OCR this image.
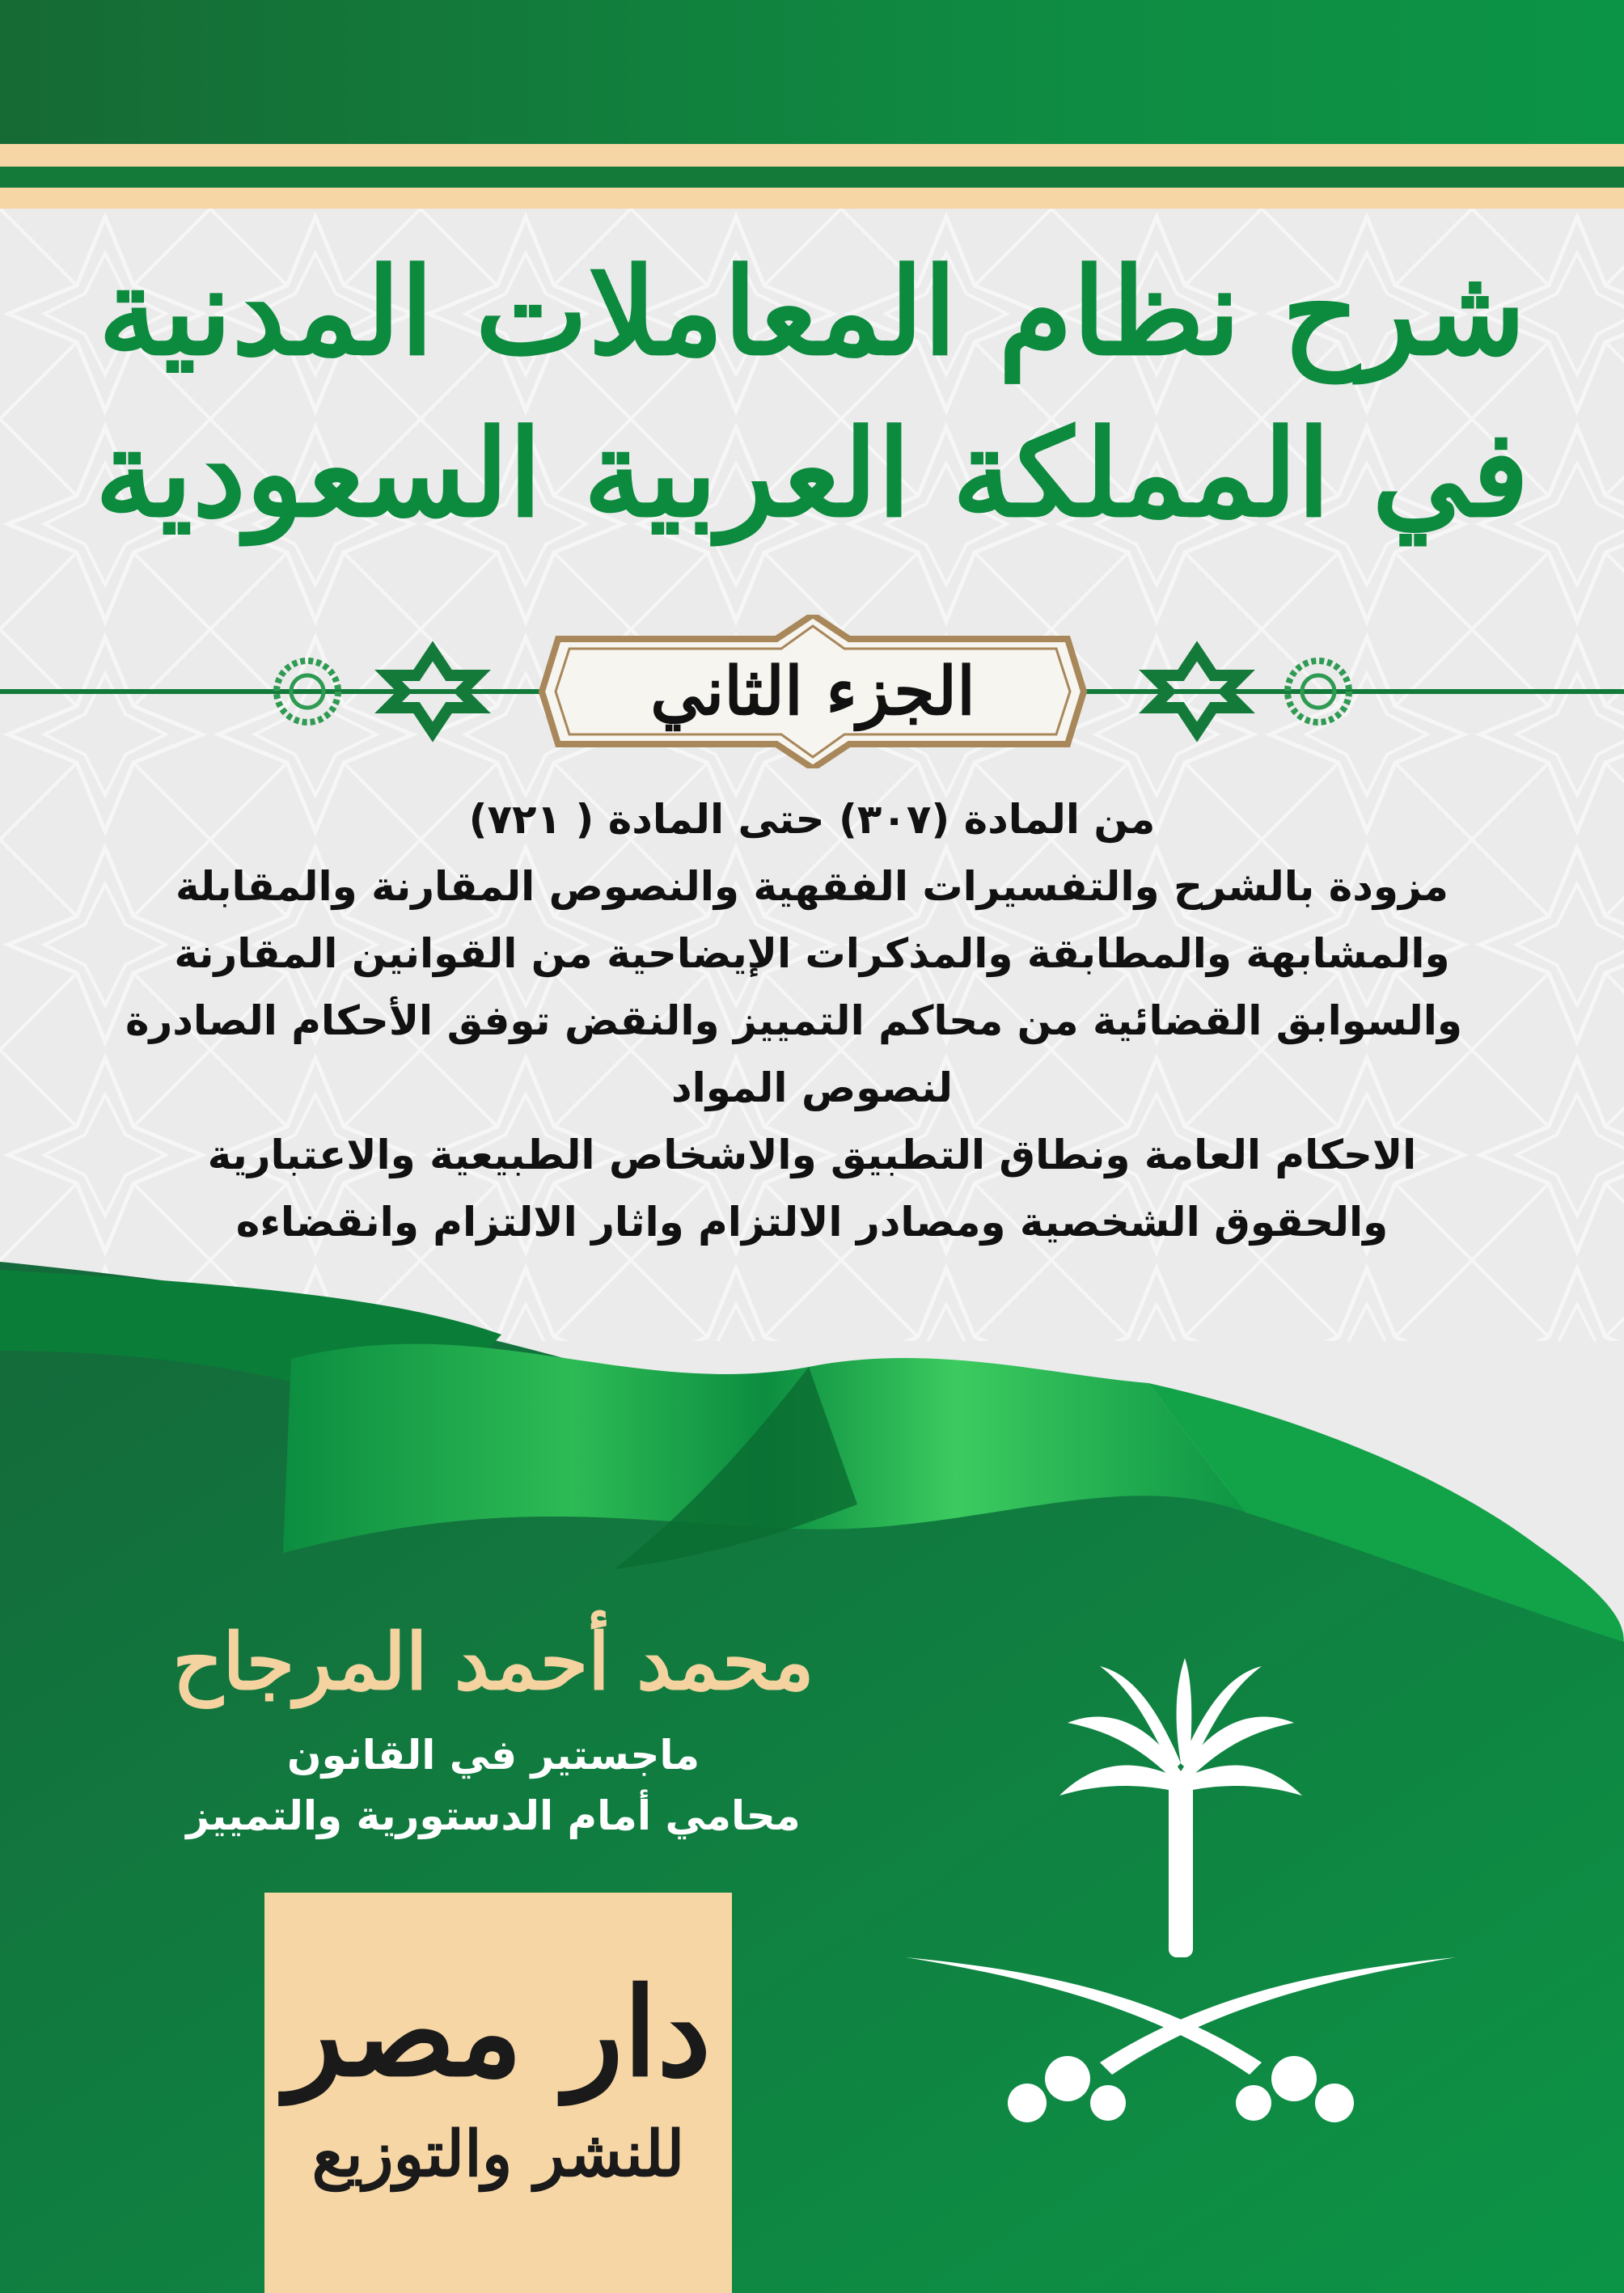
شرح نظام المعاملات المدنية
في المملكة العربية السعودية
الجزء الثاني
من المادة (٣٠٧) حتى المادة ( ٧٢١)
مزودة بالشرح والتفسيرات الفقهية والنصوص المقارنة والمقابلة
والمشابهة والمطابقة والمذكرات الإيضاحية من القوانين المقارنة
والسوابق القضائية من محاكم التمييز والنقض توفق الأحكام الصادرة
لنصوص المواد
الاحكام العامة ونطاق التطبيق والاشخاص الطبيعية والاعتبارية
والحقوق الشخصية ومصادر الالتزام واثار الالتزام وانقضاءه
محمد أحمد المرجاح
ماجستير في القانون
محامي أمام الدستورية والتمييز
دار مصر
للنشر والتوزيع
